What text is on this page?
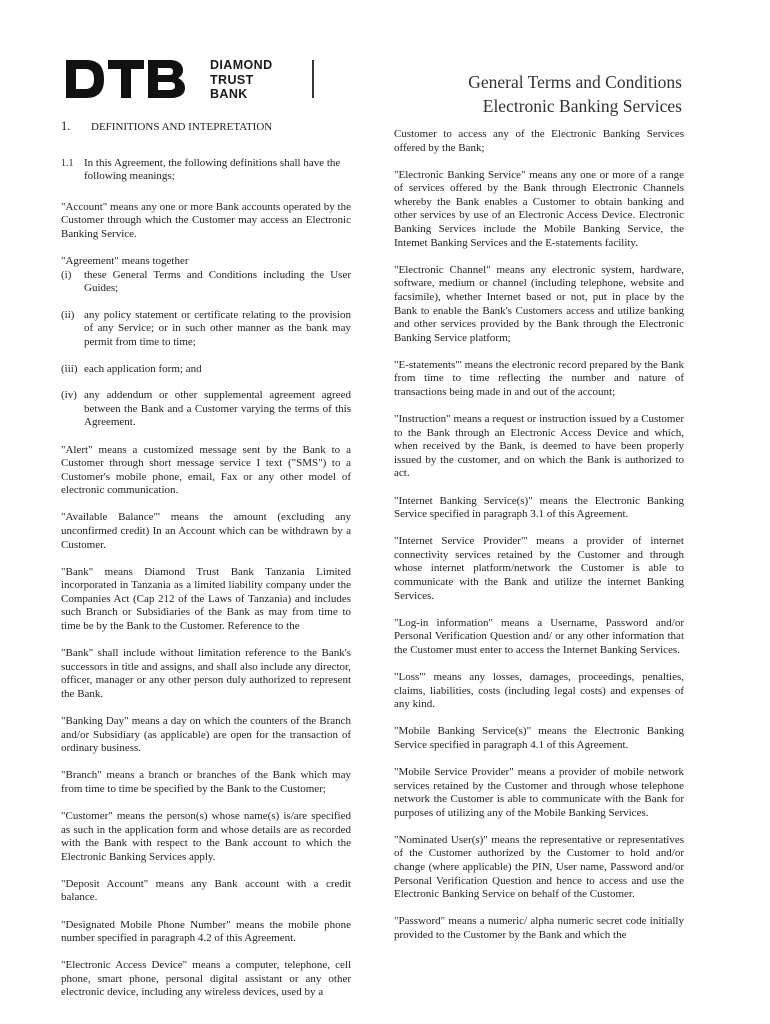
DIAMOND
TRUST
BANK
General Terms and Conditions
Electronic Banking Services
1.	DEFINITIONS AND INTEPRETATION
1.1 In this Agreement, the following definitions shall have the following meanings;

"Account" means any one or more Bank accounts operated by the Customer through which the Customer may access an Electronic Banking Service.

"Agreement" means together
(i)	these General Terms and Conditions including the User Guides;
(ii) any policy statement or certificate relating to the provision of any Service; or in such other manner as the bank may permit from time to time;
(iii) each application form; and
(iv) any addendum or other supplemental agreement agreed between the Bank and a Customer varying the terms of this Agreement.

"Alert" means a customized message sent by the Bank to a Customer through short message service I text ("SMS") to a Customer's mobile phone, email, Fax or any other model of electronic communication.

"Available Balance"' means the amount (excluding any unconfirmed credit) In an Account which can be withdrawn by a Customer.

"Bank" means Diamond Trust Bank Tanzania Limited incorporated in Tanzania as a limited liability company under the Companies Act (Cap 212 of the Laws of Tanzania) and includes such Branch or Subsidiaries of the Bank as may from time to time be by the Bank to the Customer. Reference to the

"Bank" shall include without limitation reference to the Bank's successors in title and assigns, and shall also include any director, officer, manager or any other person duly authorized to represent the Bank.

"Banking Day" means a day on which the counters of the Branch and/or Subsidiary (as applicable) are open for the transaction of ordinary business.

"Branch" means a branch or branches of the Bank which may from time to time be specified by the Bank to the Customer;

"Customer" means the person(s) whose name(s) is/are specified as such in the application form and whose details are as recorded with the Bank with respect to the Bank account to which the Electronic Banking Services apply.

"Deposit Account" means any Bank account with a credit balance.

"Designated Mobile Phone Number" means the mobile phone number specified in paragraph 4.2 of this Agreement.

"Electronic Access Device" means a computer, telephone, cell phone, smart phone, personal digital assistant or any other electronic device, including any wireless devices, used by a

Customer to access any of the Electronic Banking Services offered by the Bank;

"Electronic Banking Service" means any one or more of a range of services offered by the Bank through Electronic Channels whereby the Bank enables a Customer to obtain banking and other services by use of an Electronic Access Device. Electronic Banking Services include the Mobile Banking Service, the Intemet Banking Services and the E-statements facility.

"Electronic Channel" means any electronic system, hardware, software, medium or channel (including telephone, website and facsimile), whether Internet based or not, put in place by the Bank to enable the Bank's Customers access and utilize banking and other services provided by the Bank through the Electronic Banking Service platform;

"E-statements"' means the electronic record prepared by the Bank from time to time reflecting the number and nature of transactions being made in and out of the account;

"Instruction" means a request or instruction issued by a Customer to the Bank through an Electronic Access Device and which, when received by the Bank, is deemed to have been properly issued by the customer, and on which the Bank is authorized to act.

"Internet Banking Service(s)" means the Electronic Banking Service specified in paragraph 3.1 of this Agreement.

"Internet Service Provider"' means a provider of internet connectivity services retained by the Customer and through whose internet platform/network the Customer is able to communicate with the Bank and utilize the internet Banking Services.

"Log-in information" means a Username, Password and/or Personal Verification Question and/ or any other information that the Customer must enter to access the Internet Banking Services.

"Loss"' means any losses, damages, proceedings, penalties, claims, liabilities, costs (including legal costs) and expenses of any kind.

"Mobile Banking Service(s)" means the Electronic Banking Service specified in paragraph 4.1 of this Agreement.

"Mobile Service Provider" means a provider of mobile network services retained by the Customer and through whose telephone network the Customer is able to communicate with the Bank for purposes of utilizing any of the Mobile Banking Services.

"Nominated User(s)" means the representative or representatives of the Customer authorized by the Customer to hold and/or change (where applicable) the PIN, User name, Password and/or Personal Verification Question and hence to access and use the Electronic Banking Service on behalf of the Customer.

"Password" means a numeric/ alpha numeric secret code initially provided to the Customer by the Bank and which the
